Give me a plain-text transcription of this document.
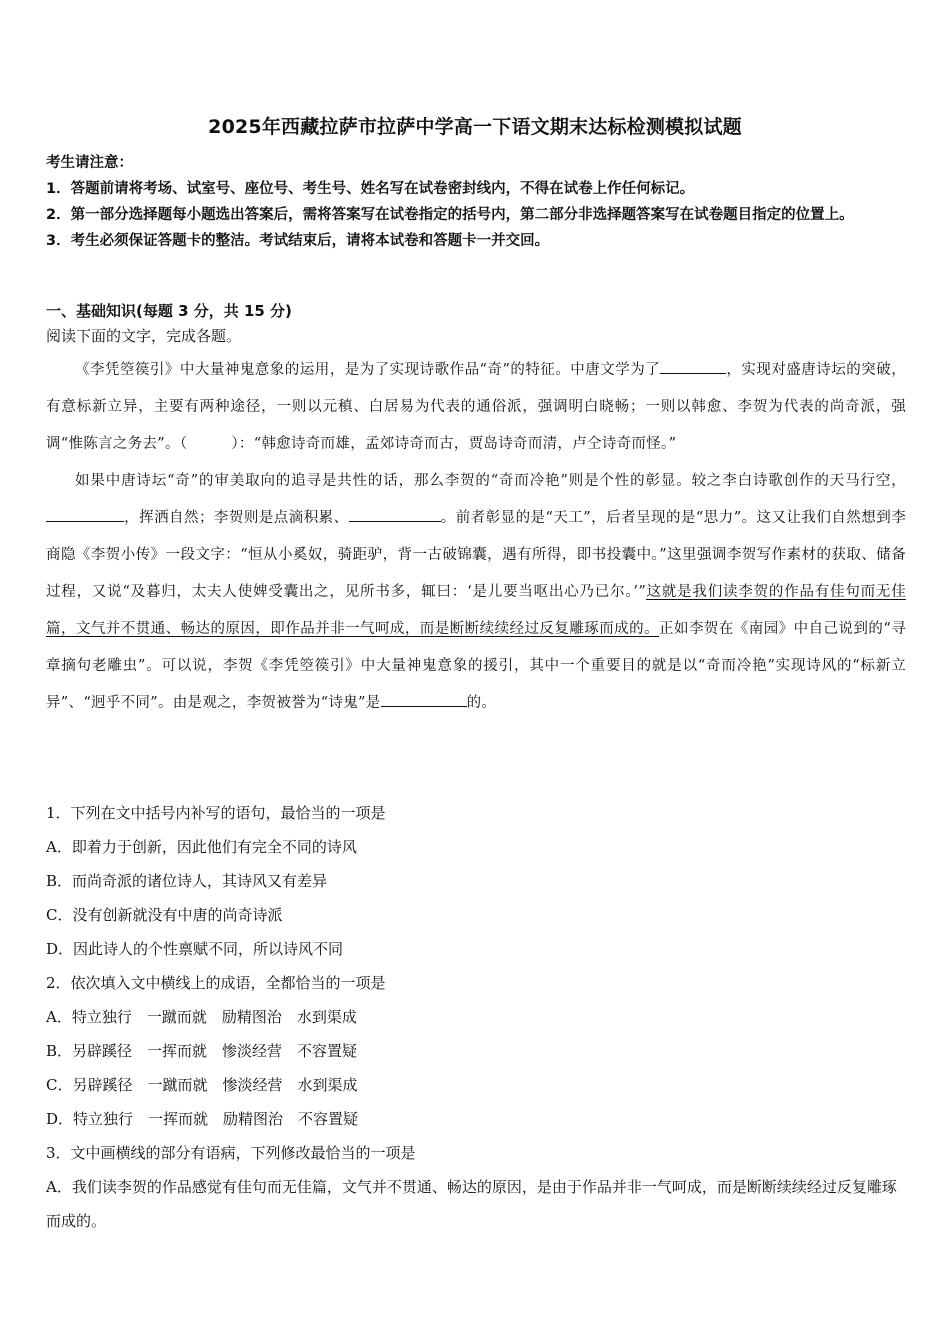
2025年西藏拉萨市拉萨中学高一下语文期末达标检测模拟试题
考生请注意：
1．答题前请将考场、试室号、座位号、考生号、姓名写在试卷密封线内，不得在试卷上作任何标记。
2．第一部分选择题每小题选出答案后，需将答案写在试卷指定的括号内，第二部分非选择题答案写在试卷题目指定的位置上。
3．考生必须保证答题卡的整洁。考试结束后，请将本试卷和答题卡一并交回。
一、基础知识(每题 3 分，共 15 分)
阅读下面的文字，完成各题。

《李凭箜篌引》中大量神鬼意象的运用，是为了实现诗歌作品“奇”的特征。中唐文学为了	，实现对盛唐诗坛的突破，有意标新立异，主要有两种途径，一则以元稹、白居易为代表的通俗派，强调明白晓畅；一则以韩愈、李贺为代表的尚奇派，强调“惟陈言之务去”。（	）：“韩愈诗奇而雄，孟郊诗奇而古，贾岛诗奇而清，卢仝诗奇而怪。”

如果中唐诗坛“奇”的审美取向的追寻是共性的话，那么李贺的“奇而冷艳”则是个性的彰显。较之李白诗歌创作的天马行空，，挥洒自然；李贺则是点滴积累、	。前者彰显的是“天工”，后者呈现的是“思力”。这又让我们自然想到李商隐《李贺小传》一段文字：“恒从小奚奴，骑距驴，背一古破锦囊，遇有所得，即书投囊中。”这里强调李贺写作素材的获取、储备过程，又说“及暮归，太夫人使婢受囊出之，见所书多，辄曰：‘是儿要当呕出心乃已尔。’”这就是我们读李贺的作品有佳句而无佳篇，文气并不贯通、畅达的原因，即作品并非一气呵成，而是断断续续经过反复雕琢而成的。正如李贺在《南园》中自己说到的“寻章摘句老雕虫”。可以说，李贺《李凭箜篌引》中大量神鬼意象的援引，其中一个重要目的就是以“奇而冷艳”实现诗风的“标新立异”、“迥乎不同”。由是观之，李贺被誉为“诗鬼”是	的。

1．下列在文中括号内补写的语句，最恰当的一项是
A．即着力于创新，因此他们有完全不同的诗风
B．而尚奇派的诸位诗人，其诗风又有差异
C．没有创新就没有中唐的尚奇诗派
D．因此诗人的个性禀赋不同，所以诗风不同
2．依次填入文中横线上的成语，全都恰当的一项是
A．特立独行　一蹴而就　励精图治　水到渠成
B．另辟蹊径　一挥而就　惨淡经营　不容置疑
C．另辟蹊径　一蹴而就　惨淡经营　水到渠成
D．特立独行　一挥而就　励精图治　不容置疑
3．文中画横线的部分有语病，下列修改最恰当的一项是
A．我们读李贺的作品感觉有佳句而无佳篇，文气并不贯通、畅达的原因，是由于作品并非一气呵成，而是断断续续经过反复雕琢而成的。
